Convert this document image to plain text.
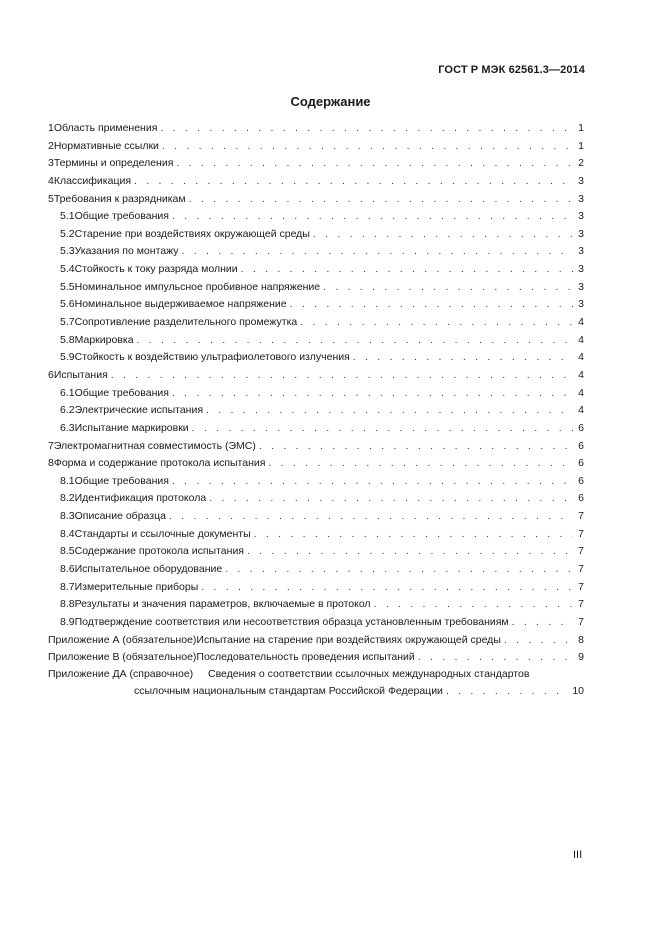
ГОСТ Р МЭК 62561.3—2014
Содержание
1 Область применения . . .	1
2 Нормативные ссылки . . .	1
3 Термины и определения . . .	2
4 Классификация . . .	3
5 Требования к разрядникам . . .	3
5.1 Общие требования . . .	3
5.2 Старение при воздействиях окружающей среды . . .	3
5.3 Указания по монтажу . . .	3
5.4 Стойкость к току разряда молнии . . .	3
5.5 Номинальное импульсное пробивное напряжение . . .	3
5.6 Номинальное выдерживаемое напряжение . . .	3
5.7 Сопротивление разделительного промежутка . . .	4
5.8 Маркировка . . .	4
5.9 Стойкость к воздействию ультрафиолетового излучения . . .	4
6 Испытания . . .	4
6.1 Общие требования . . .	4
6.2 Электрические испытания . . .	4
6.3 Испытание маркировки . . .	6
7 Электромагнитная совместимость (ЭМС) . . .	6
8 Форма и содержание протокола испытания . . .	6
8.1 Общие требования . . .	6
8.2 Идентификация протокола . . .	6
8.3 Описание образца . . .	7
8.4 Стандарты и ссылочные документы . . .	7
8.5 Содержание протокола испытания . . .	7
8.6 Испытательное оборудование . . .	7
8.7 Измерительные приборы . . .	7
8.8 Результаты и значения параметров, включаемые в протокол . . .	7
8.9 Подтверждение соответствия или несоответствия образца установленным требованиям . . .	7
Приложение А (обязательное) Испытание на старение при воздействиях окружающей среды . . .	8
Приложение В (обязательное) Последовательность проведения испытаний . . .	9
Приложение ДА (справочное)	Сведения о соответствии ссылочных международных стандартов
ссылочным национальным стандартам Российской Федерации . . .	10
III
